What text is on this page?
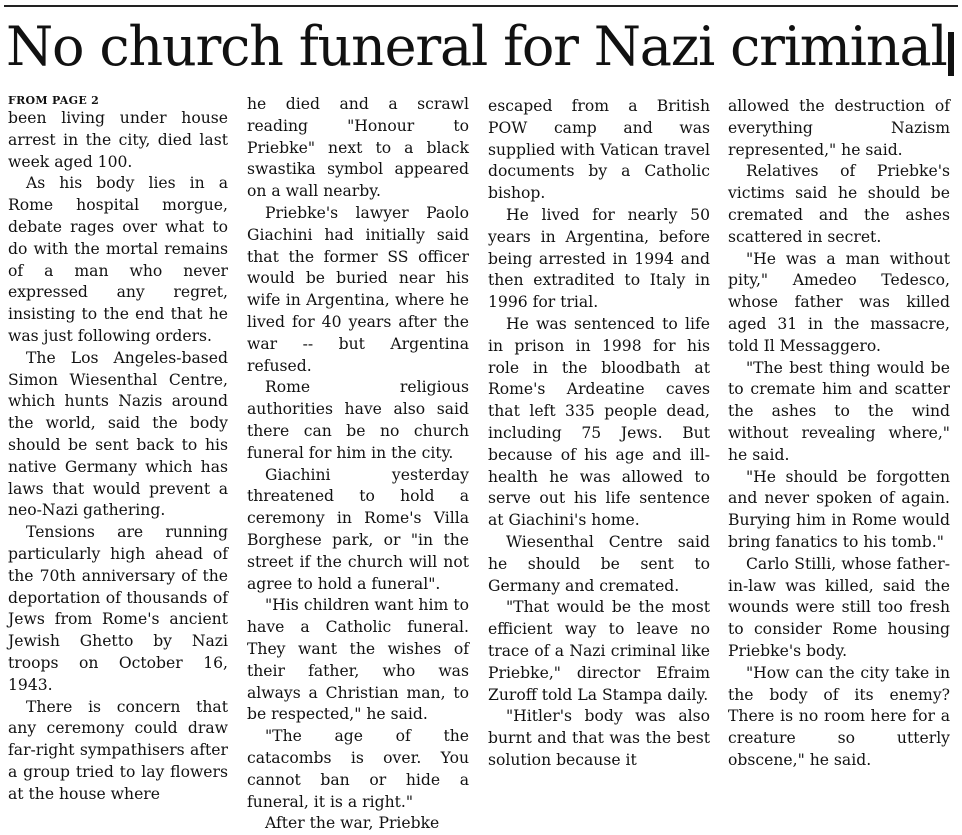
No church funeral for Nazi criminal

FROM PAGE 2

been living under house arrest in the city, died last week aged 100.

As his body lies in a Rome hospital morgue, debate rages over what to do with the mortal remains of a man who never expressed any regret, insisting to the end that he was just following orders.

The Los Angeles-based Simon Wiesenthal Centre, which hunts Nazis around the world, said the body should be sent back to his native Germany which has laws that would prevent a neo-Nazi gathering.

Tensions are running particularly high ahead of the 70th anniversary of the deportation of thousands of Jews from Rome's ancient Jewish Ghetto by Nazi troops on October 16, 1943.

There is concern that any ceremony could draw far-right sympathisers after a group tried to lay flowers at the house where

he died and a scrawl reading "Honour to Priebke" next to a black swastika symbol appeared on a wall nearby.

Priebke's lawyer Paolo Giachini had initially said that the former SS officer would be buried near his wife in Argentina, where he lived for 40 years after the war -- but Argentina refused.

Rome religious authorities have also said there can be no church funeral for him in the city.

Giachini yesterday threatened to hold a ceremony in Rome's Villa Borghese park, or "in the street if the church will not agree to hold a funeral".

"His children want him to have a Catholic funeral. They want the wishes of their father, who was always a Christian man, to be respected," he said.

"The age of the catacombs is over. You cannot ban or hide a funeral, it is a right."

After the war, Priebke

escaped from a British POW camp and was supplied with Vatican travel documents by a Catholic bishop.

He lived for nearly 50 years in Argentina, before being arrested in 1994 and then extradited to Italy in 1996 for trial.

He was sentenced to life in prison in 1998 for his role in the bloodbath at Rome's Ardeatine caves that left 335 people dead, including 75 Jews. But because of his age and ill-health he was allowed to serve out his life sentence at Giachini's home.

Wiesenthal Centre said he should be sent to Germany and cremated.

"That would be the most efficient way to leave no trace of a Nazi criminal like Priebke," director Efraim Zuroff told La Stampa daily.

"Hitler's body was also burnt and that was the best solution because it

allowed the destruction of everything Nazism represented," he said.

Relatives of Priebke's victims said he should be cremated and the ashes scattered in secret.

"He was a man without pity," Amedeo Tedesco, whose father was killed aged 31 in the massacre, told Il Messaggero.

"The best thing would be to cremate him and scatter the ashes to the wind without revealing where," he said.

"He should be forgotten and never spoken of again. Burying him in Rome would bring fanatics to his tomb."

Carlo Stilli, whose father-in-law was killed, said the wounds were still too fresh to consider Rome housing Priebke's body.

"How can the city take in the body of its enemy? There is no room here for a creature so utterly obscene," he said.
